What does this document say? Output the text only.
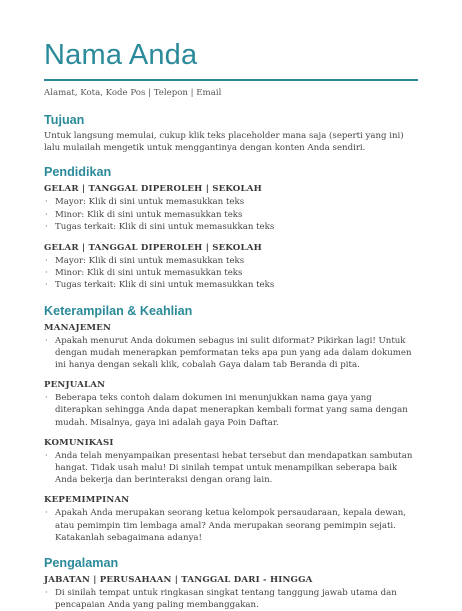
Nama Anda

Alamat, Kota, Kode Pos | Telepon | Email

Tujuan

Untuk langsung memulai, cukup klik teks placeholder mana saja (seperti yang ini) lalu mulailah mengetik untuk menggantinya dengan konten Anda sendiri.

Pendidikan

GELAR | TANGGAL DIPEROLEH | SEKOLAH

· Mayor: Klik di sini untuk memasukkan teks
· Minor: Klik di sini untuk memasukkan teks
· Tugas terkait: Klik di sini untuk memasukkan teks

GELAR | TANGGAL DIPEROLEH | SEKOLAH

· Mayor: Klik di sini untuk memasukkan teks
· Minor: Klik di sini untuk memasukkan teks
· Tugas terkait: Klik di sini untuk memasukkan teks
Keterampilan & Keahlian

MANAJEMEN

· Apakah menurut Anda dokumen sebagus ini sulit diformat? Pikirkan lagi! Untuk dengan mudah menerapkan pemformatan teks apa pun yang ada dalam dokumen ini hanya dengan sekali klik, cobalah Gaya dalam tab Beranda di pita.

PENJUALAN

· Beberapa teks contoh dalam dokumen ini menunjukkan nama gaya yang diterapkan sehingga Anda dapat menerapkan kembali format yang sama dengan mudah. Misalnya, gaya ini adalah gaya Poin Daftar.

KOMUNIKASI

· Anda telah menyampaikan presentasi hebat tersebut dan mendapatkan sambutan hangat. Tidak usah malu! Di sinilah tempat untuk menampilkan seberapa baik Anda bekerja dan berinteraksi dengan orang lain.

KEPEMIMPINAN

· Apakah Anda merupakan seorang ketua kelompok persaudaraan, kepala dewan, atau pemimpin tim lembaga amal? Anda merupakan seorang pemimpin sejati. Katakanlah sebagaimana adanya!
Pengalaman

JABATAN | PERUSAHAAN | TANGGAL DARI - HINGGA

· Di sinilah tempat untuk ringkasan singkat tentang tanggung jawab utama dan pencapaian Anda yang paling membanggakan.
